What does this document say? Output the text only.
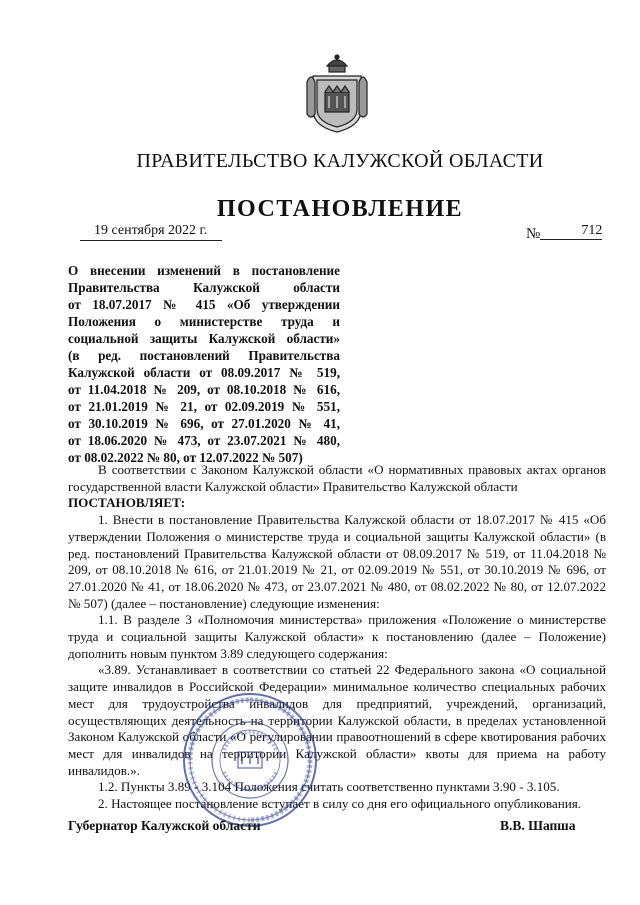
ПРАВИТЕЛЬСТВО КАЛУЖСКОЙ ОБЛАСТИ
ПОСТАНОВЛЕНИЕ
19 сентября 2022 г.	№	712
О внесении изменений в постановление
Правительства Калужской области
от 18.07.2017 № 415 «Об утверждении
Положения о министерстве труда и
социальной защиты Калужской области»
(в ред. постановлений Правительства
Калужской области от 08.09.2017 № 519,
от 11.04.2018 № 209, от 08.10.2018 № 616,
от 21.01.2019 № 21, от 02.09.2019 № 551,
от 30.10.2019 № 696, от 27.01.2020 № 41,
от 18.06.2020 № 473, от 23.07.2021 № 480,
от 08.02.2022 № 80, от 12.07.2022 № 507)

В соответствии с Законом Калужской области «О нормативных правовых актах органов государственной власти Калужской области» Правительство Калужской области

ПОСТАНОВЛЯЕТ:

1. Внести в постановление Правительства Калужской области от 18.07.2017 № 415 «Об утверждении Положения о министерстве труда и социальной защиты Калужской области» (в ред. постановлений Правительства Калужской области от 08.09.2017 № 519, от 11.04.2018 № 209, от 08.10.2018 № 616, от 21.01.2019 № 21, от 02.09.2019 № 551, от 30.10.2019 № 696, от 27.01.2020 № 41, от 18.06.2020 № 473, от 23.07.2021 № 480, от 08.02.2022 № 80, от 12.07.2022 № 507) (далее – постановление) следующие изменения:

1.1. В разделе 3 «Полномочия министерства» приложения «Положение о министерстве труда и социальной защиты Калужской области» к постановлению (далее – Положение) дополнить новым пунктом 3.89 следующего содержания:

«3.89. Устанавливает в соответствии со статьей 22 Федерального закона «О социальной защите инвалидов в Российской Федерации» минимальное количество специальных рабочих мест для трудоустройства инвалидов для предприятий, учреждений, организаций, осуществляющих деятельность на территории Калужской области, в пределах установленной Законом Калужской области «О регулировании правоотношений в сфере квотирования рабочих мест для инвалидов на территории Калужской области» квоты для приема на работу инвалидов.».

1.2. Пункты 3.89 - 3.104 Положения считать соответственно пунктами 3.90 - 3.105.

2. Настоящее постановление вступает в силу со дня его официального опубликования.

Губернатор Калужской области	В.В. Шапша
